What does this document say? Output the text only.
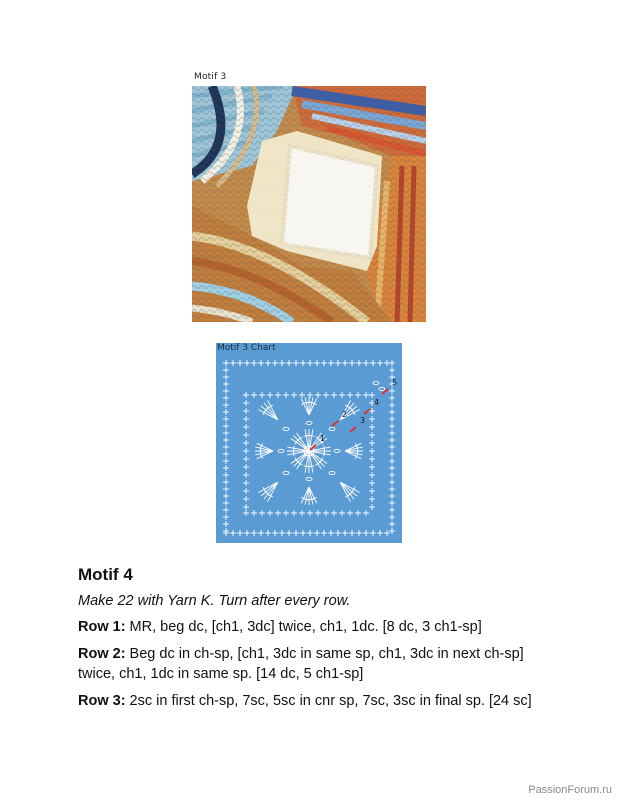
Motif 3
1
2
3
4
5
Motif 3 Chart
Motif 4

Make 22 with Yarn K. Turn after every row.

Row 1: MR, beg dc, [ch1, 3dc] twice, ch1, 1dc. [8 dc, 3 ch1-sp]

Row 2: Beg dc in ch-sp, [ch1, 3dc in same sp, ch1, 3dc in next ch-sp] twice, ch1, 1dc in same sp. [14 dc, 5 ch1-sp]

Row 3: 2sc in first ch-sp, 7sc, 5sc in cnr sp, 7sc, 3sc in final sp. [24 sc]

PassionForum.ru
